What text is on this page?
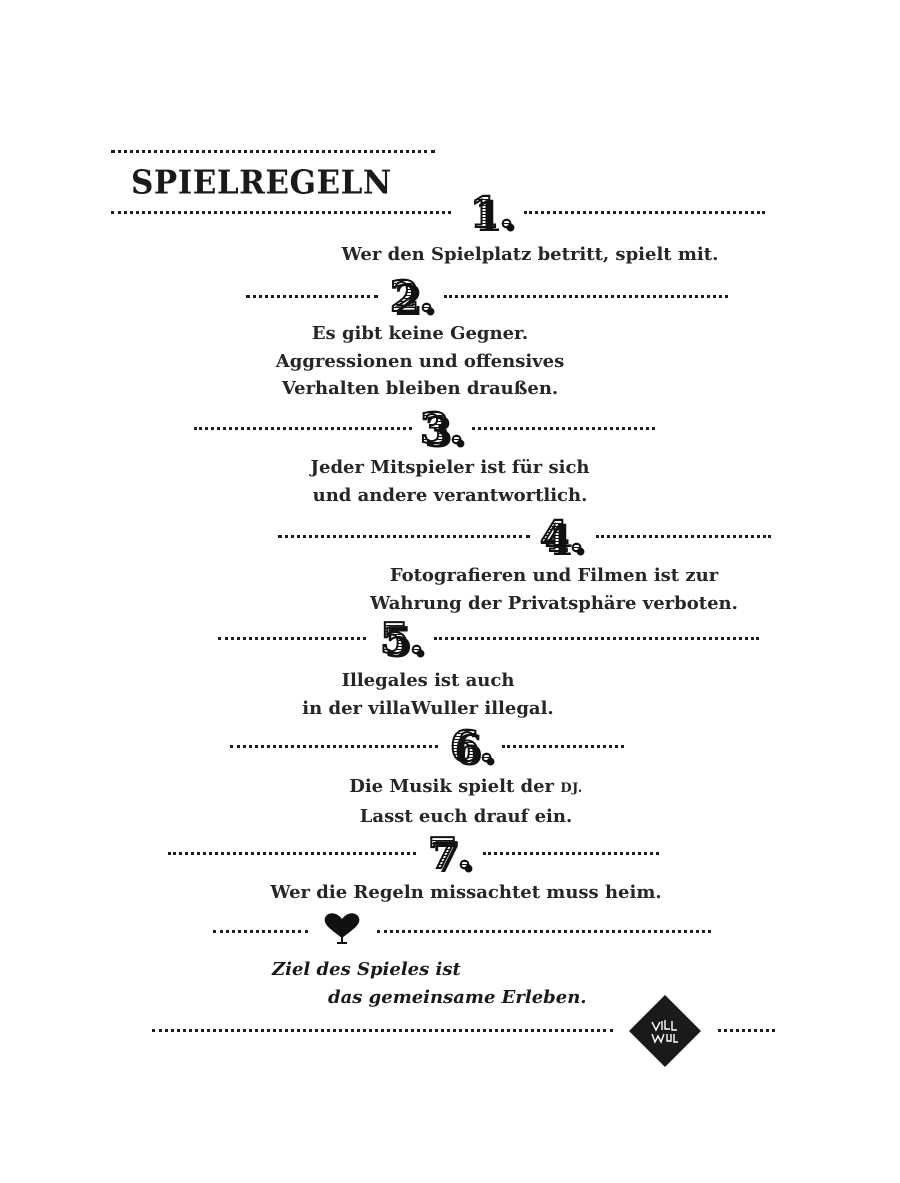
SPIELREGELN
1.
2.
3.
4.
5.
6.
7.
Wer den Spielplatz betritt, spielt mit.
Es gibt keine Gegner.
Aggressionen und offensives
Verhalten bleiben draußen.
Jeder Mitspieler ist für sich
und andere verantwortlich.
Fotografieren und Filmen ist zur
Wahrung der Privatsphäre verboten.
Illegales ist auch
in der villaWuller illegal.
Die Musik spielt der DJ.
Lasst euch drauf ein.
Wer die Regeln missachtet muss heim.
Ziel des Spieles ist
das gemeinsame Erleben.
